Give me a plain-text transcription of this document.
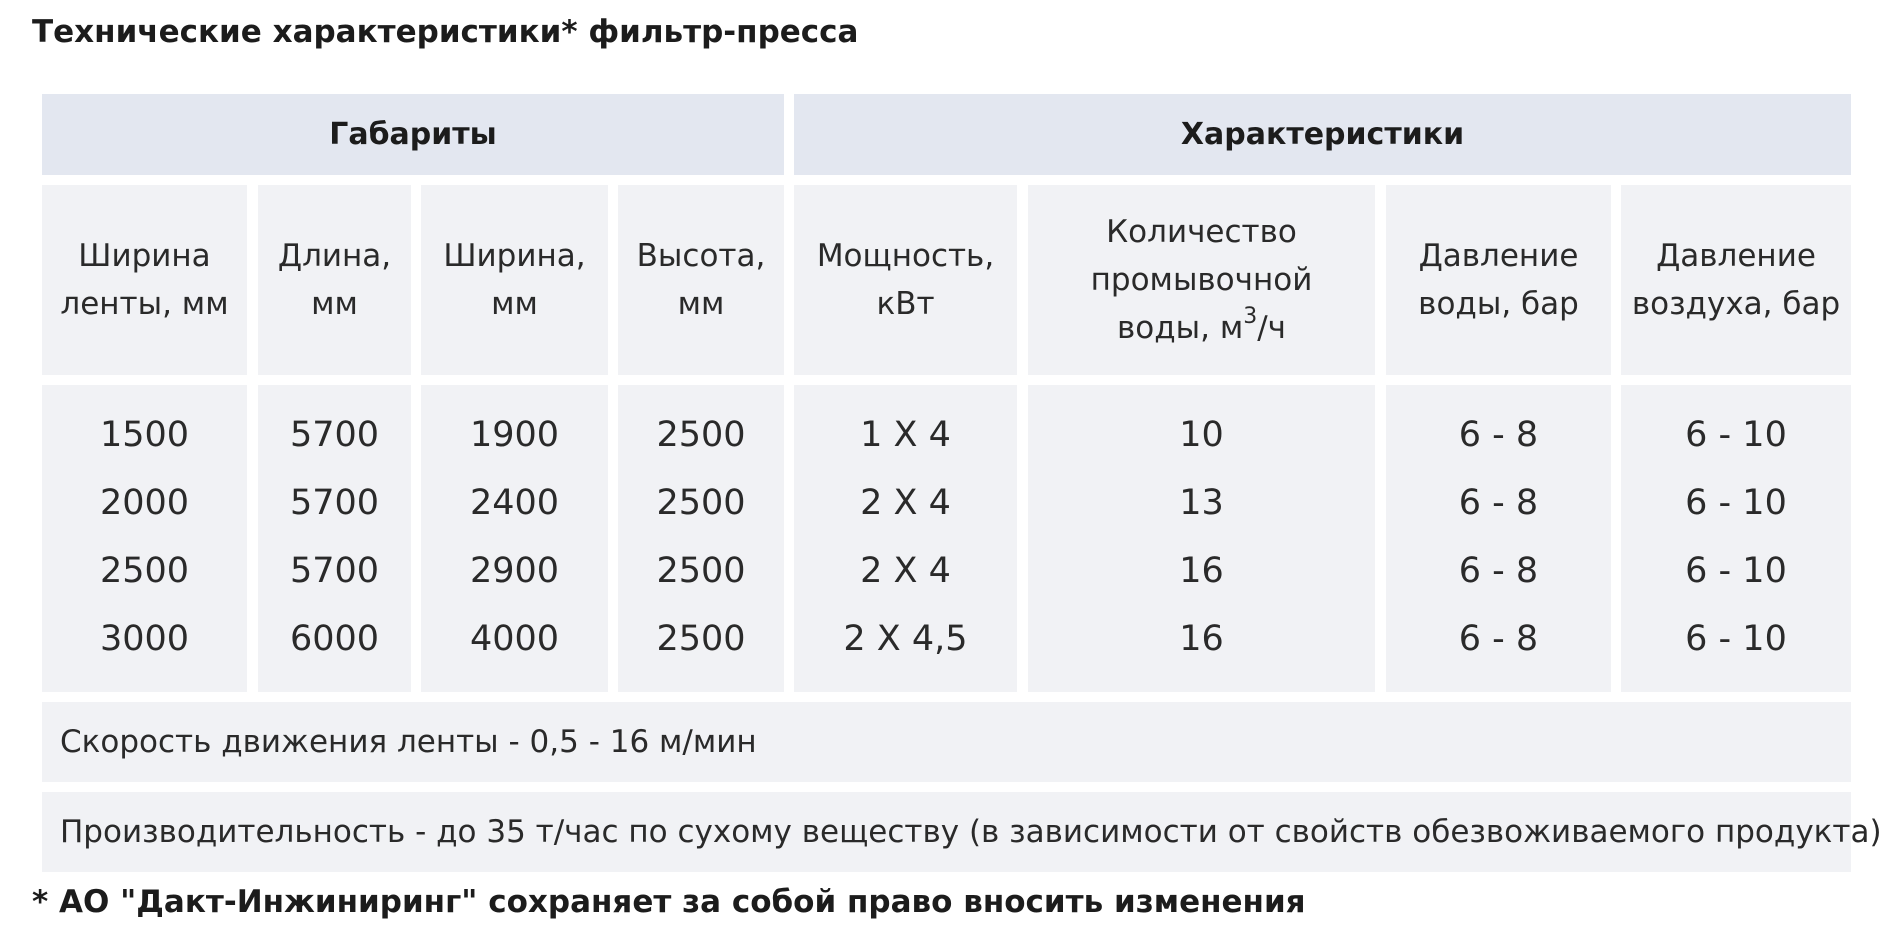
Технические характеристики* фильтр-пресса
Габариты	Характеристики
Ширина
ленты, мм
Длина,
мм
Ширина,
мм
Высота,
мм
Мощность,
кВт
Количество
промывочной
воды, $м^3/ч$
Давление
воды, бар
Давление
воздуха, бар
1500
2000
2500
3000
5700
5700
5700
6000
1900
2400
2900
4000
2500
2500
2500
2500
1 X 4
2 X 4
2 X 4
2 X 4,5
10
13
16
16
6 - 8
6 - 8
6 - 8
6 - 8
6 - 10
6 - 10
6 - 10
6 - 10
Скорость движения ленты - 0,5 - 16 м/мин
Производительность - до 35 т/час по сухому веществу (в зависимости от свойств обезвоживаемого продукта)
* АО "Дакт-Инжиниринг" сохраняет за собой право вносить изменения
